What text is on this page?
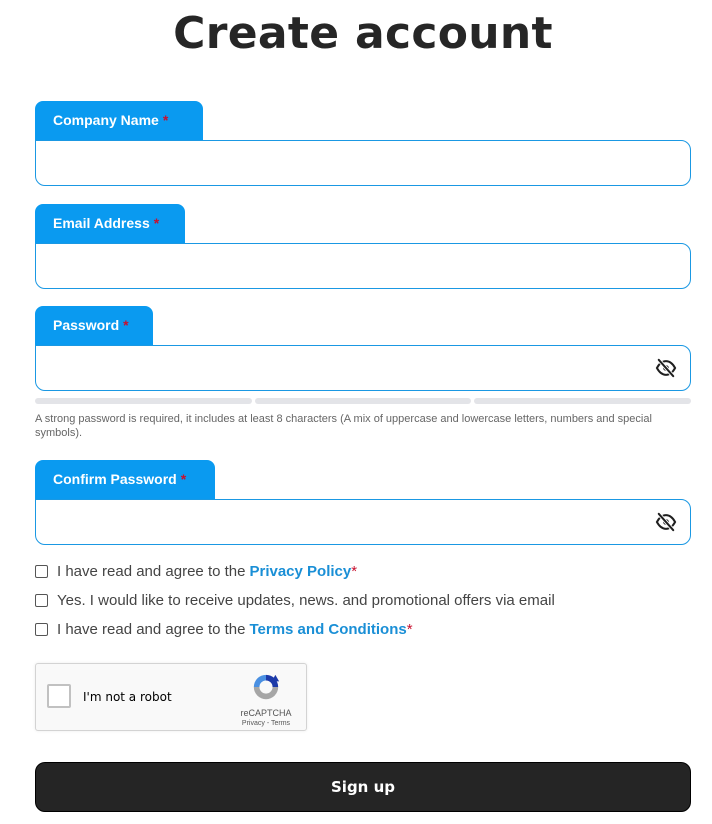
Create account
Company Name *
Email Address *
Password *
A strong password is required, it includes at least 8 characters (A mix of uppercase and lowercase letters, numbers and special symbols).
Confirm Password *
I have read and agree to the Privacy Policy *
Yes. I would like to receive updates, news. and promotional offers via email
I have read and agree to the Terms and Conditions *
I'm not a robot
reCAPTCHA
Privacy - Terms
Sign up
